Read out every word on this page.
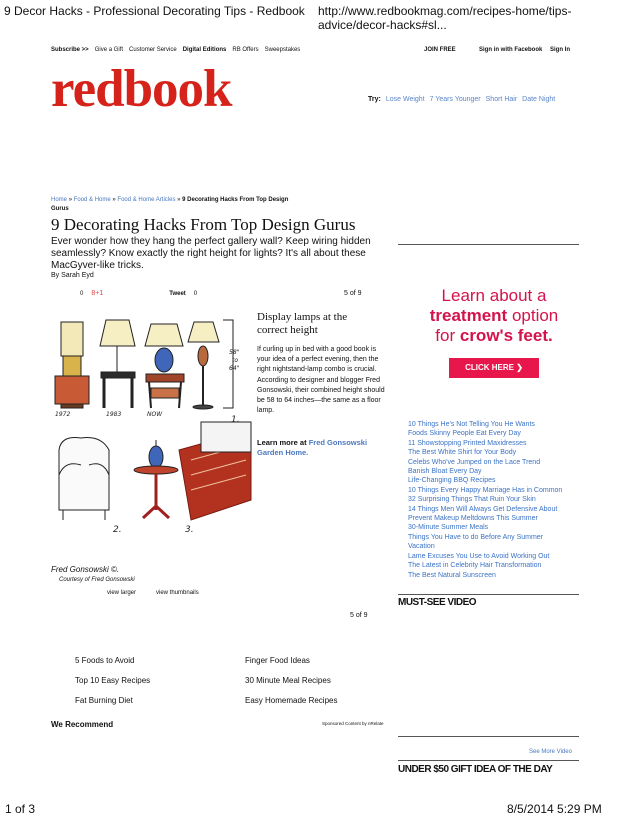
9 Decor Hacks - Professional Decorating Tips - Redbook http://www.redbookmag.com/recipes-home/tips-advice/decor-hacks#sl...
Subscribe >> Give a Gift Customer Service Digital Editions RB Offers Sweepstakes	JOIN FREE	Sign in with Facebook Sign In
redbook	Try: Lose Weight 7 Years Younger Short Hair Date Night
Home » Food & Home » Food & Home Articles » 9 Decorating Hacks From Top Design Gurus
9 Decorating Hacks From Top Design Gurus
Ever wonder how they hang the perfect gallery wall? Keep wiring hidden seamlessly? Know exactly the right height for lights? It's all about these MacGyver-like tricks.
By Sarah Eyd
0 8+1	Tweet 0	5 of 9
1972	1983	NOW
58"
to
64"
1.
2.	3.
Fred Gonsowski ©.
Courtesy of Fred Gonsowski
view larger	view thumbnails
Display lamps at the correct height
If curling up in bed with a good book is your idea of a perfect evening, then the right nightstand-lamp combo is crucial. According to designer and blogger Fred Gonsowski, their combined height should be 58 to 64 inches—the same as a floor lamp.
Learn more at Fred Gonsowski Garden Home.
5 of 9
Learn about a
treatment option
for crow's feet.
CLICK HERE ❯
10 Things He's Not Telling You He Wants
Foods Skinny People Eat Every Day
11 Showstopping Printed Maxidresses
The Best White Shirt for Your Body
Celebs Who've Jumped on the Lace Trend
Banish Bloat Every Day
Life-Changing BBQ Recipes
10 Things Every Happy Marriage Has in Common
32 Surprising Things That Ruin Your Skin
14 Things Men Will Always Get Defensive About
Prevent Makeup Meltdowns This Summer
30-Minute Summer Meals
Things You Have to do Before Any Summer Vacation
Lame Excuses You Use to Avoid Working Out
The Latest in Celebrity Hair Transformation
The Best Natural Sunscreen
MUST-SEE VIDEO
5 Foods to Avoid	Finger Food Ideas
Top 10 Easy Recipes	30 Minute Meal Recipes
Fat Burning Diet	Easy Homemade Recipes
We Recommend	Sponsored Content by nRelate
See More Video
UNDER $50 GIFT IDEA OF THE DAY
1 of 3	8/5/2014 5:29 PM
